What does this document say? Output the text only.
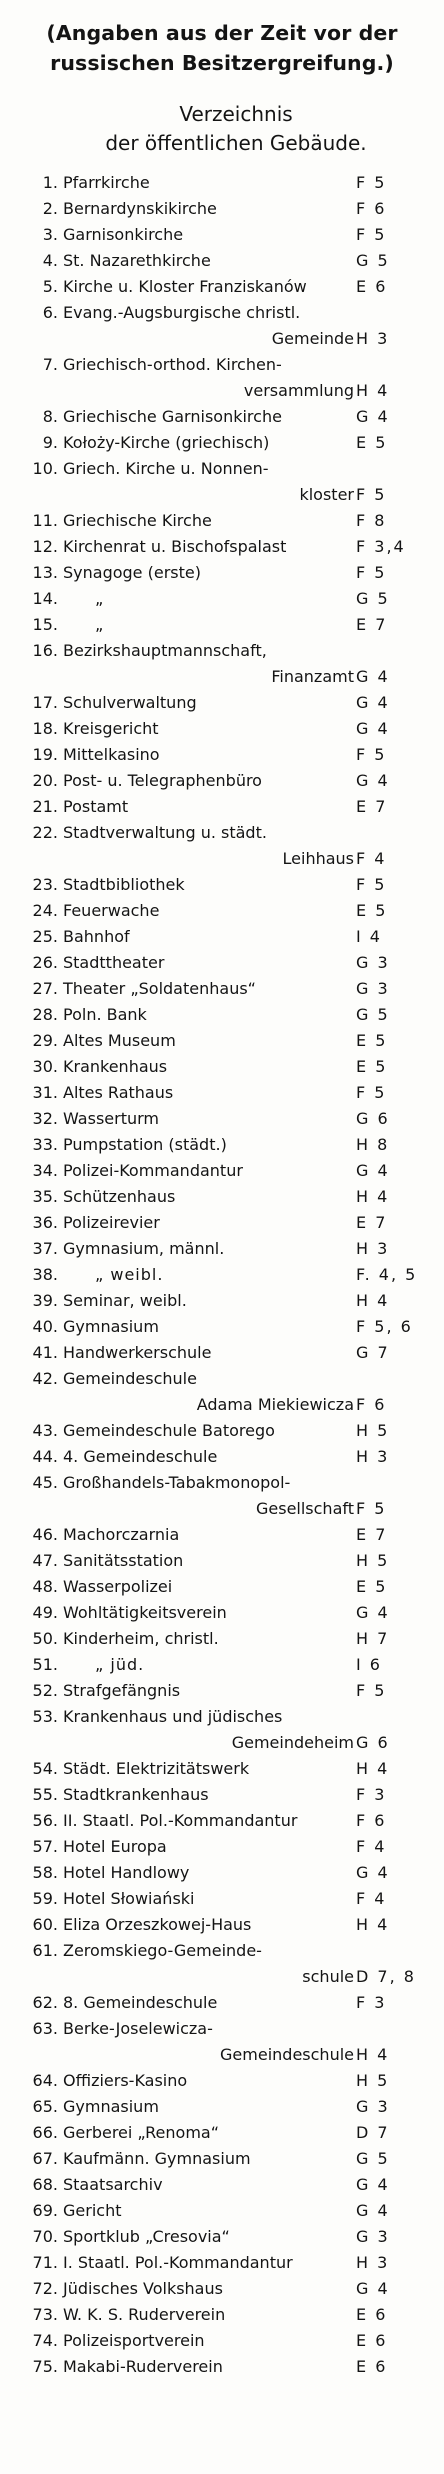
(Angaben aus der Zeit vor der
russischen Besitzergreifung.)
Verzeichnis
der öffentlichen Gebäude.
1. Pfarrkirche	F 5
2. Bernardynskikirche	F 6
3. Garnisonkirche	F 5
4. St. Nazarethkirche	G 5
5. Kirche u. Kloster Franziskanów	E 6
6. Evang.-Augsburgische christl.
Gemeinde H 3
7. Griechisch-orthod. Kirchen-
versammlung H 4
8. Griechische Garnisonkirche	G 4
9. Kołoży-Kirche (griechisch)	E 5
10. Griech. Kirche u. Nonnen-
kloster F 5
11. Griechische Kirche	F 8
12. Kirchenrat u. Bischofspalast	F 3,4
13. Synagoge (erste)	F 5
14.	„	G 5
15.	„	E 7
16. Bezirkshauptmannschaft,
Finanzamt G 4
17. Schulverwaltung	G 4
18. Kreisgericht	G 4
19. Mittelkasino	F 5
20. Post- u. Telegraphenbüro	G 4
21. Postamt	E 7
22. Stadtverwaltung u. städt.
Leihhaus F 4
23. Stadtbibliothek	F 5
24. Feuerwache	E 5
25. Bahnhof	I 4
26. Stadttheater	G 3
27. Theater „Soldatenhaus“	G 3
28. Poln. Bank	G 5
29. Altes Museum	E 5
30. Krankenhaus	E 5
31. Altes Rathaus	F 5
32. Wasserturm	G 6
33. Pumpstation (städt.)	H 8
34. Polizei-Kommandantur	G 4
35. Schützenhaus	H 4
36. Polizeirevier	E 7
37. Gymnasium, männl.	H 3
38.	„ weibl.	F. 4, 5
39. Seminar, weibl.	H 4
40. Gymnasium	F 5, 6
41. Handwerkerschule	G 7
42. Gemeindeschule
Adama Miekiewicza F 6
43. Gemeindeschule Batorego	H 5
44. 4. Gemeindeschule	H 3
45. Großhandels-Tabakmonopol-
Gesellschaft F 5
46. Machorczarnia	E 7
47. Sanitätsstation	H 5
48. Wasserpolizei	E 5
49. Wohltätigkeitsverein	G 4
50. Kinderheim, christl.	H 7
51.	„ jüd.	I 6
52. Strafgefängnis	F 5
53. Krankenhaus und jüdisches
Gemeindeheim G 6
54. Städt. Elektrizitätswerk	H 4
55. Stadtkrankenhaus	F 3
56. II. Staatl. Pol.-Kommandantur	F 6
57. Hotel Europa	F 4
58. Hotel Handlowy	G 4
59. Hotel Słowiański	F 4
60. Eliza Orzeszkowej-Haus	H 4
61. Zeromskiego-Gemeinde-
schule D 7, 8
62. 8. Gemeindeschule	F 3
63. Berke-Joselewicza-
Gemeindeschule H 4
64. Offiziers-Kasino	H 5
65. Gymnasium	G 3
66. Gerberei „Renoma“	D 7
67. Kaufmänn. Gymnasium	G 5
68. Staatsarchiv	G 4
69. Gericht	G 4
70. Sportklub „Cresovia“	G 3
71. I. Staatl. Pol.-Kommandantur	H 3
72. Jüdisches Volkshaus	G 4
73. W. K. S. Ruderverein	E 6
74. Polizeisportverein	E 6
75. Makabi-Ruderverein	E 6
